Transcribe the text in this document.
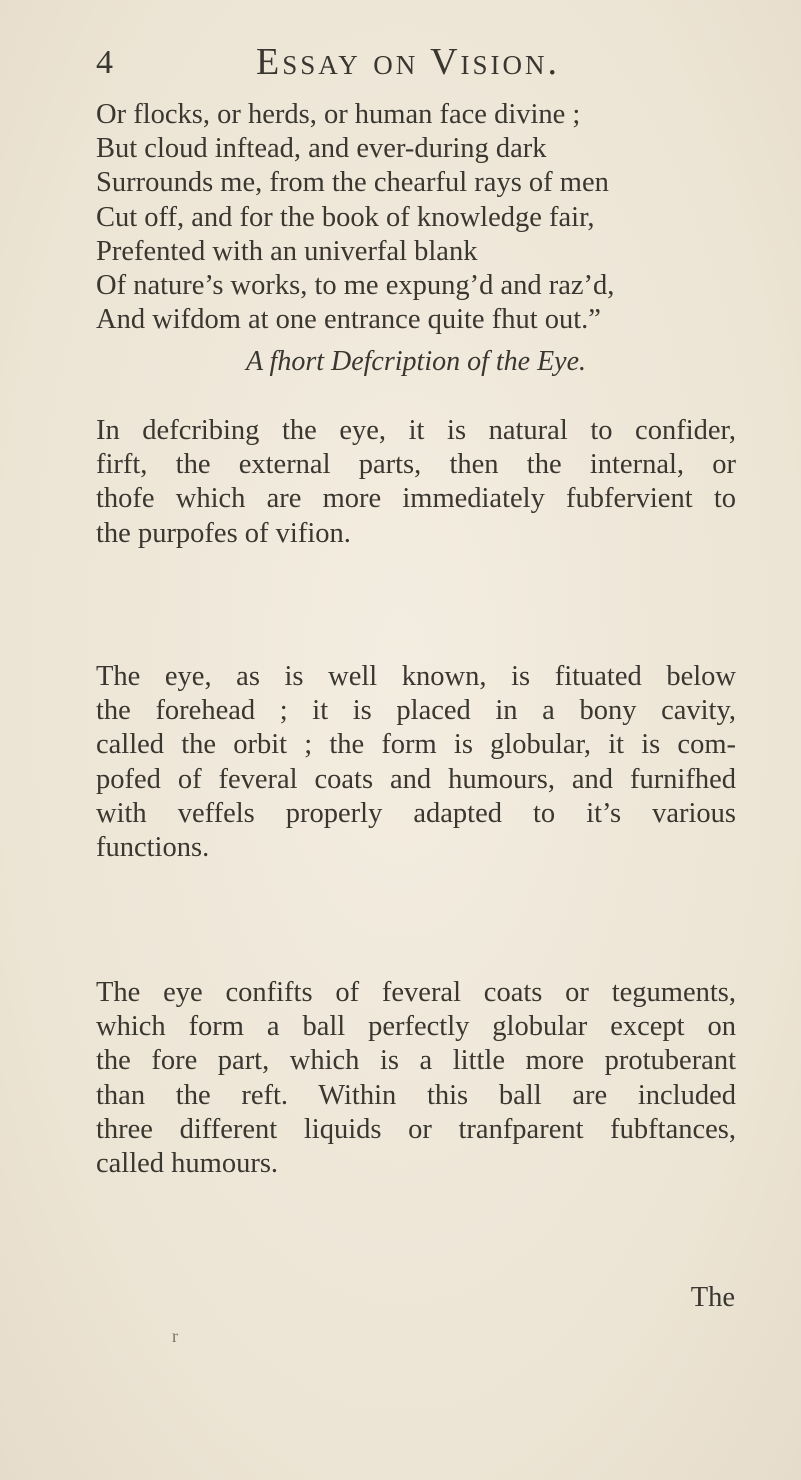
4	Essay on Vision.
Or flocks, or herds, or human face divine ;
But cloud inftead, and ever-during dark
Surrounds me, from the chearful rays of men
Cut off, and for the book of knowledge fair,
Prefented with an univerfal blank
Of nature’s works, to me expung’d and raz’d,
And wifdom at one entrance quite fhut out.”
A fhort Defcription of the Eye.
In defcribing the eye, it is natural to confider,
firft, the external parts, then the internal, or
thofe which are more immediately fubfervient to
the purpofes of vifion.
The eye, as is well known, is fituated below
the forehead ; it is placed in a bony cavity,
called the orbit ; the form is globular, it is com-
pofed of feveral coats and humours, and furnifhed
with veffels properly adapted to it’s various
functions.
The eye confifts of feveral coats or teguments,
which form a ball perfectly globular except on
the fore part, which is a little more protuberant
than the reft. Within this ball are included
three different liquids or tranfparent fubftances,
called humours.
The
r
